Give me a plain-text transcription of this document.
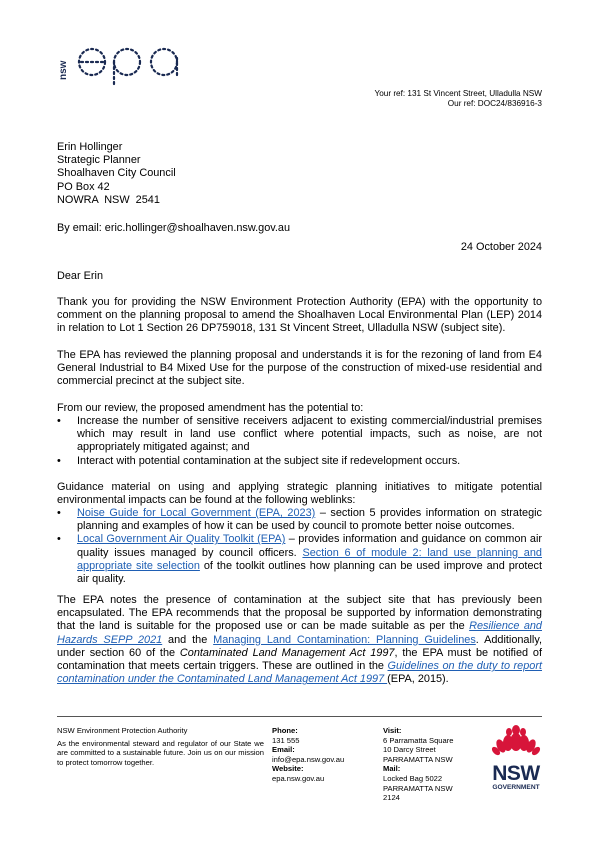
nsw
Your ref: 131 St Vincent Street, Ulladulla NSW
Our ref: DOC24/836916-3
Erin Hollinger
Strategic Planner
Shoalhaven City Council
PO Box 42
NOWRA  NSW  2541
By email: eric.hollinger@shoalhaven.nsw.gov.au
24 October 2024
Dear Erin
Thank you for providing the NSW Environment Protection Authority (EPA) with the opportunity to comment on the planning proposal to amend the Shoalhaven Local Environmental Plan (LEP) 2014 in relation to Lot 1 Section 26 DP759018, 131 St Vincent Street, Ulladulla NSW (subject site).
The EPA has reviewed the planning proposal and understands it is for the rezoning of land from E4 General Industrial to B4 Mixed Use for the purpose of the construction of mixed-use residential and commercial precinct at the subject site.
From our review, the proposed amendment has the potential to:
• Increase the number of sensitive receivers adjacent to existing commercial/industrial premises which may result in land use conflict where potential impacts, such as noise, are not appropriately mitigated against; and
• Interact with potential contamination at the subject site if redevelopment occurs.
Guidance material on using and applying strategic planning initiatives to mitigate potential environmental impacts can be found at the following weblinks:
• Noise Guide for Local Government (EPA, 2023) – section 5 provides information on strategic planning and examples of how it can be used by council to promote better noise outcomes.
• Local Government Air Quality Toolkit (EPA) – provides information and guidance on common air quality issues managed by council officers. Section 6 of module 2: land use planning and appropriate site selection of the toolkit outlines how planning can be used improve and protect air quality.
The EPA notes the presence of contamination at the subject site that has previously been encapsulated. The EPA recommends that the proposal be supported by information demonstrating that the land is suitable for the proposed use or can be made suitable as per the Resilience and Hazards SEPP 2021 and the Managing Land Contamination: Planning Guidelines. Additionally, under section 60 of the Contaminated Land Management Act 1997, the EPA must be notified of contamination that meets certain triggers. These are outlined in the Guidelines on the duty to report contamination under the Contaminated Land Management Act 1997 (EPA, 2015).
NSW Environment Protection Authority
As the environmental steward and regulator of our State we are committed to a sustainable future. Join us on our mission to protect tomorrow together.
Phone:
131 555
Email:
info@epa.nsw.gov.au
Website:
epa.nsw.gov.au
Visit:
6 Parramatta Square
10 Darcy Street
PARRAMATTA NSW
Mail:
Locked Bag 5022
PARRAMATTA NSW
2124
NSW
GOVERNMENT
